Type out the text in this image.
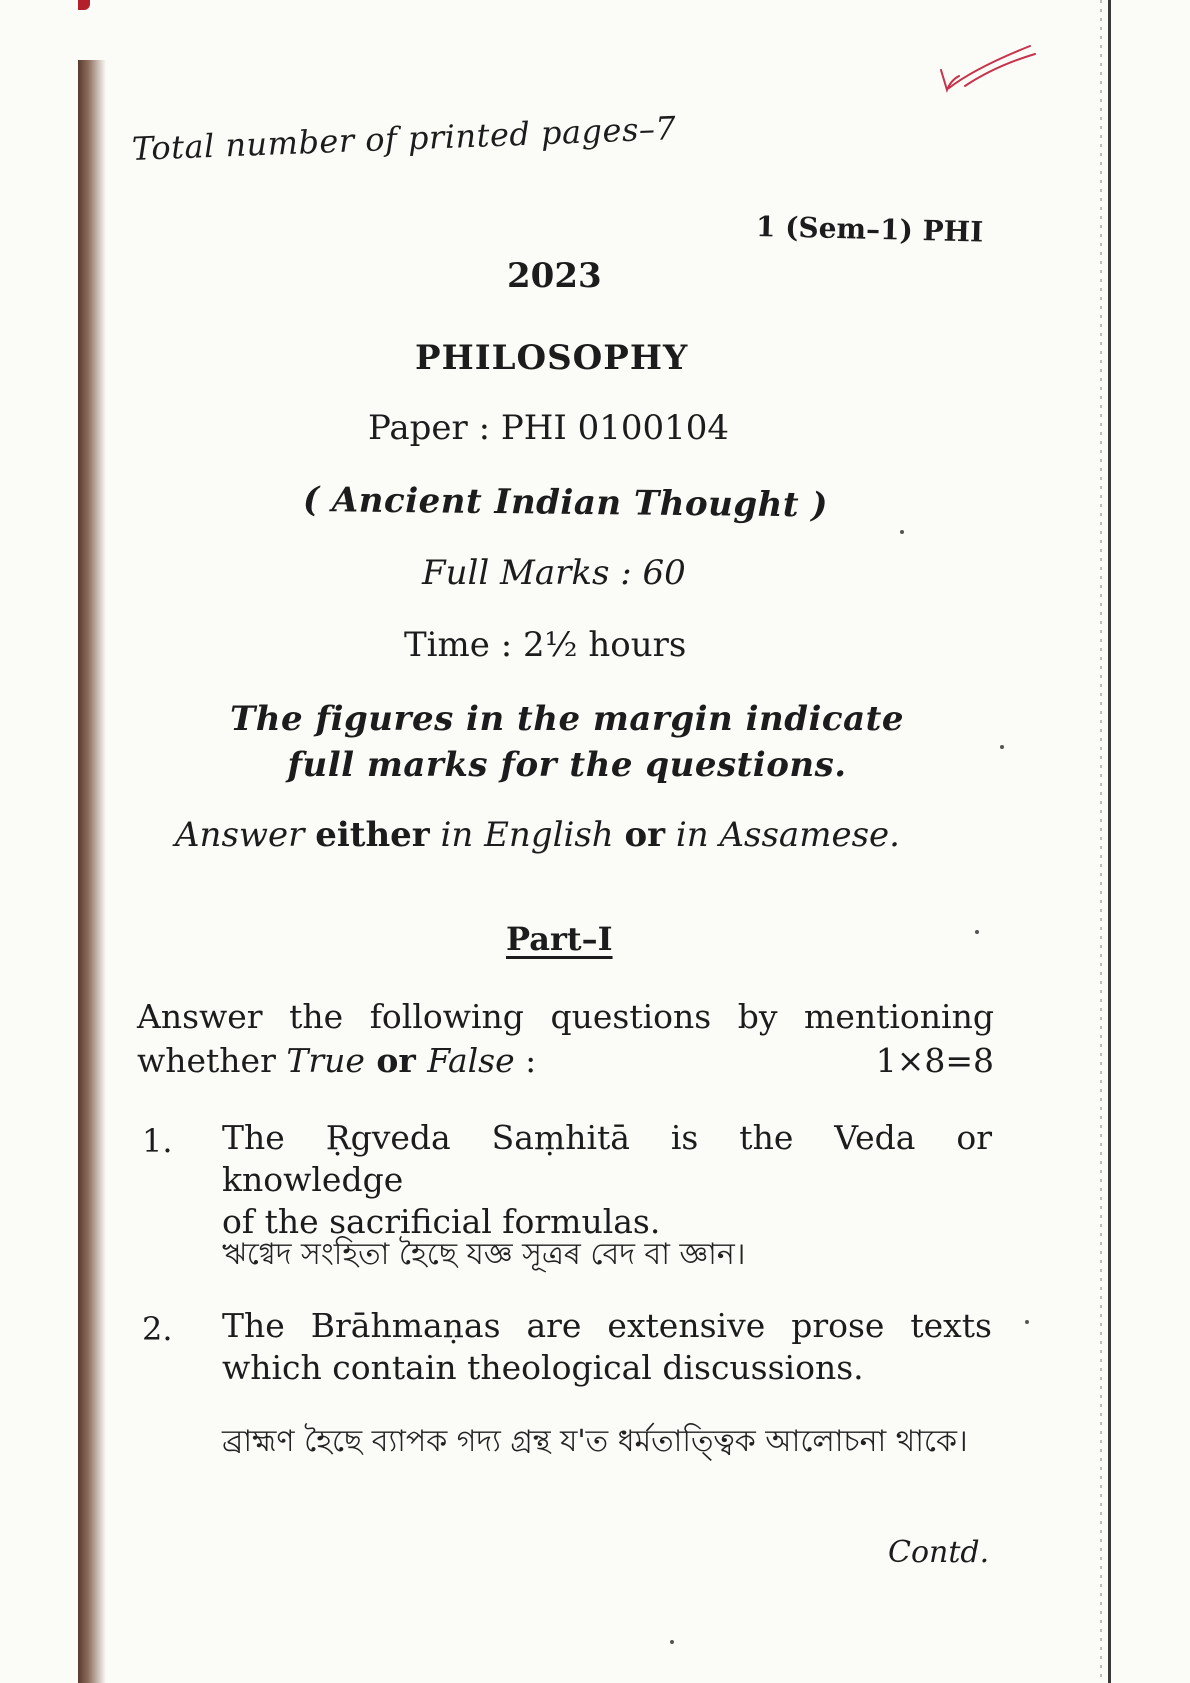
Total number of printed pages–7
1 (Sem–1) PHI
2023
PHILOSOPHY
Paper : PHI 0100104
( Ancient Indian Thought )
Full Marks : 60
Time : 2½ hours
The figures in the margin indicate full marks for the questions.
Answer either in English or in Assamese.
Part–I
Answer the following questions by mentioning
whether True or False :	1×8=8
1. The Ṛgveda Saṃhitā is the Veda or knowledge
of the sacrificial formulas.
ঋগ্বেদ সংহিতা হৈছে যজ্ঞ সূত্ৰৰ বেদ বা জ্ঞান।
2. The Brāhmaṇas are extensive prose texts
which contain theological discussions.
ব্ৰাহ্মণ হৈছে ব্যাপক গদ্য গ্ৰন্থ য'ত ধৰ্মতাত্ত্বিক আলোচনা থাকে।
Contd.
